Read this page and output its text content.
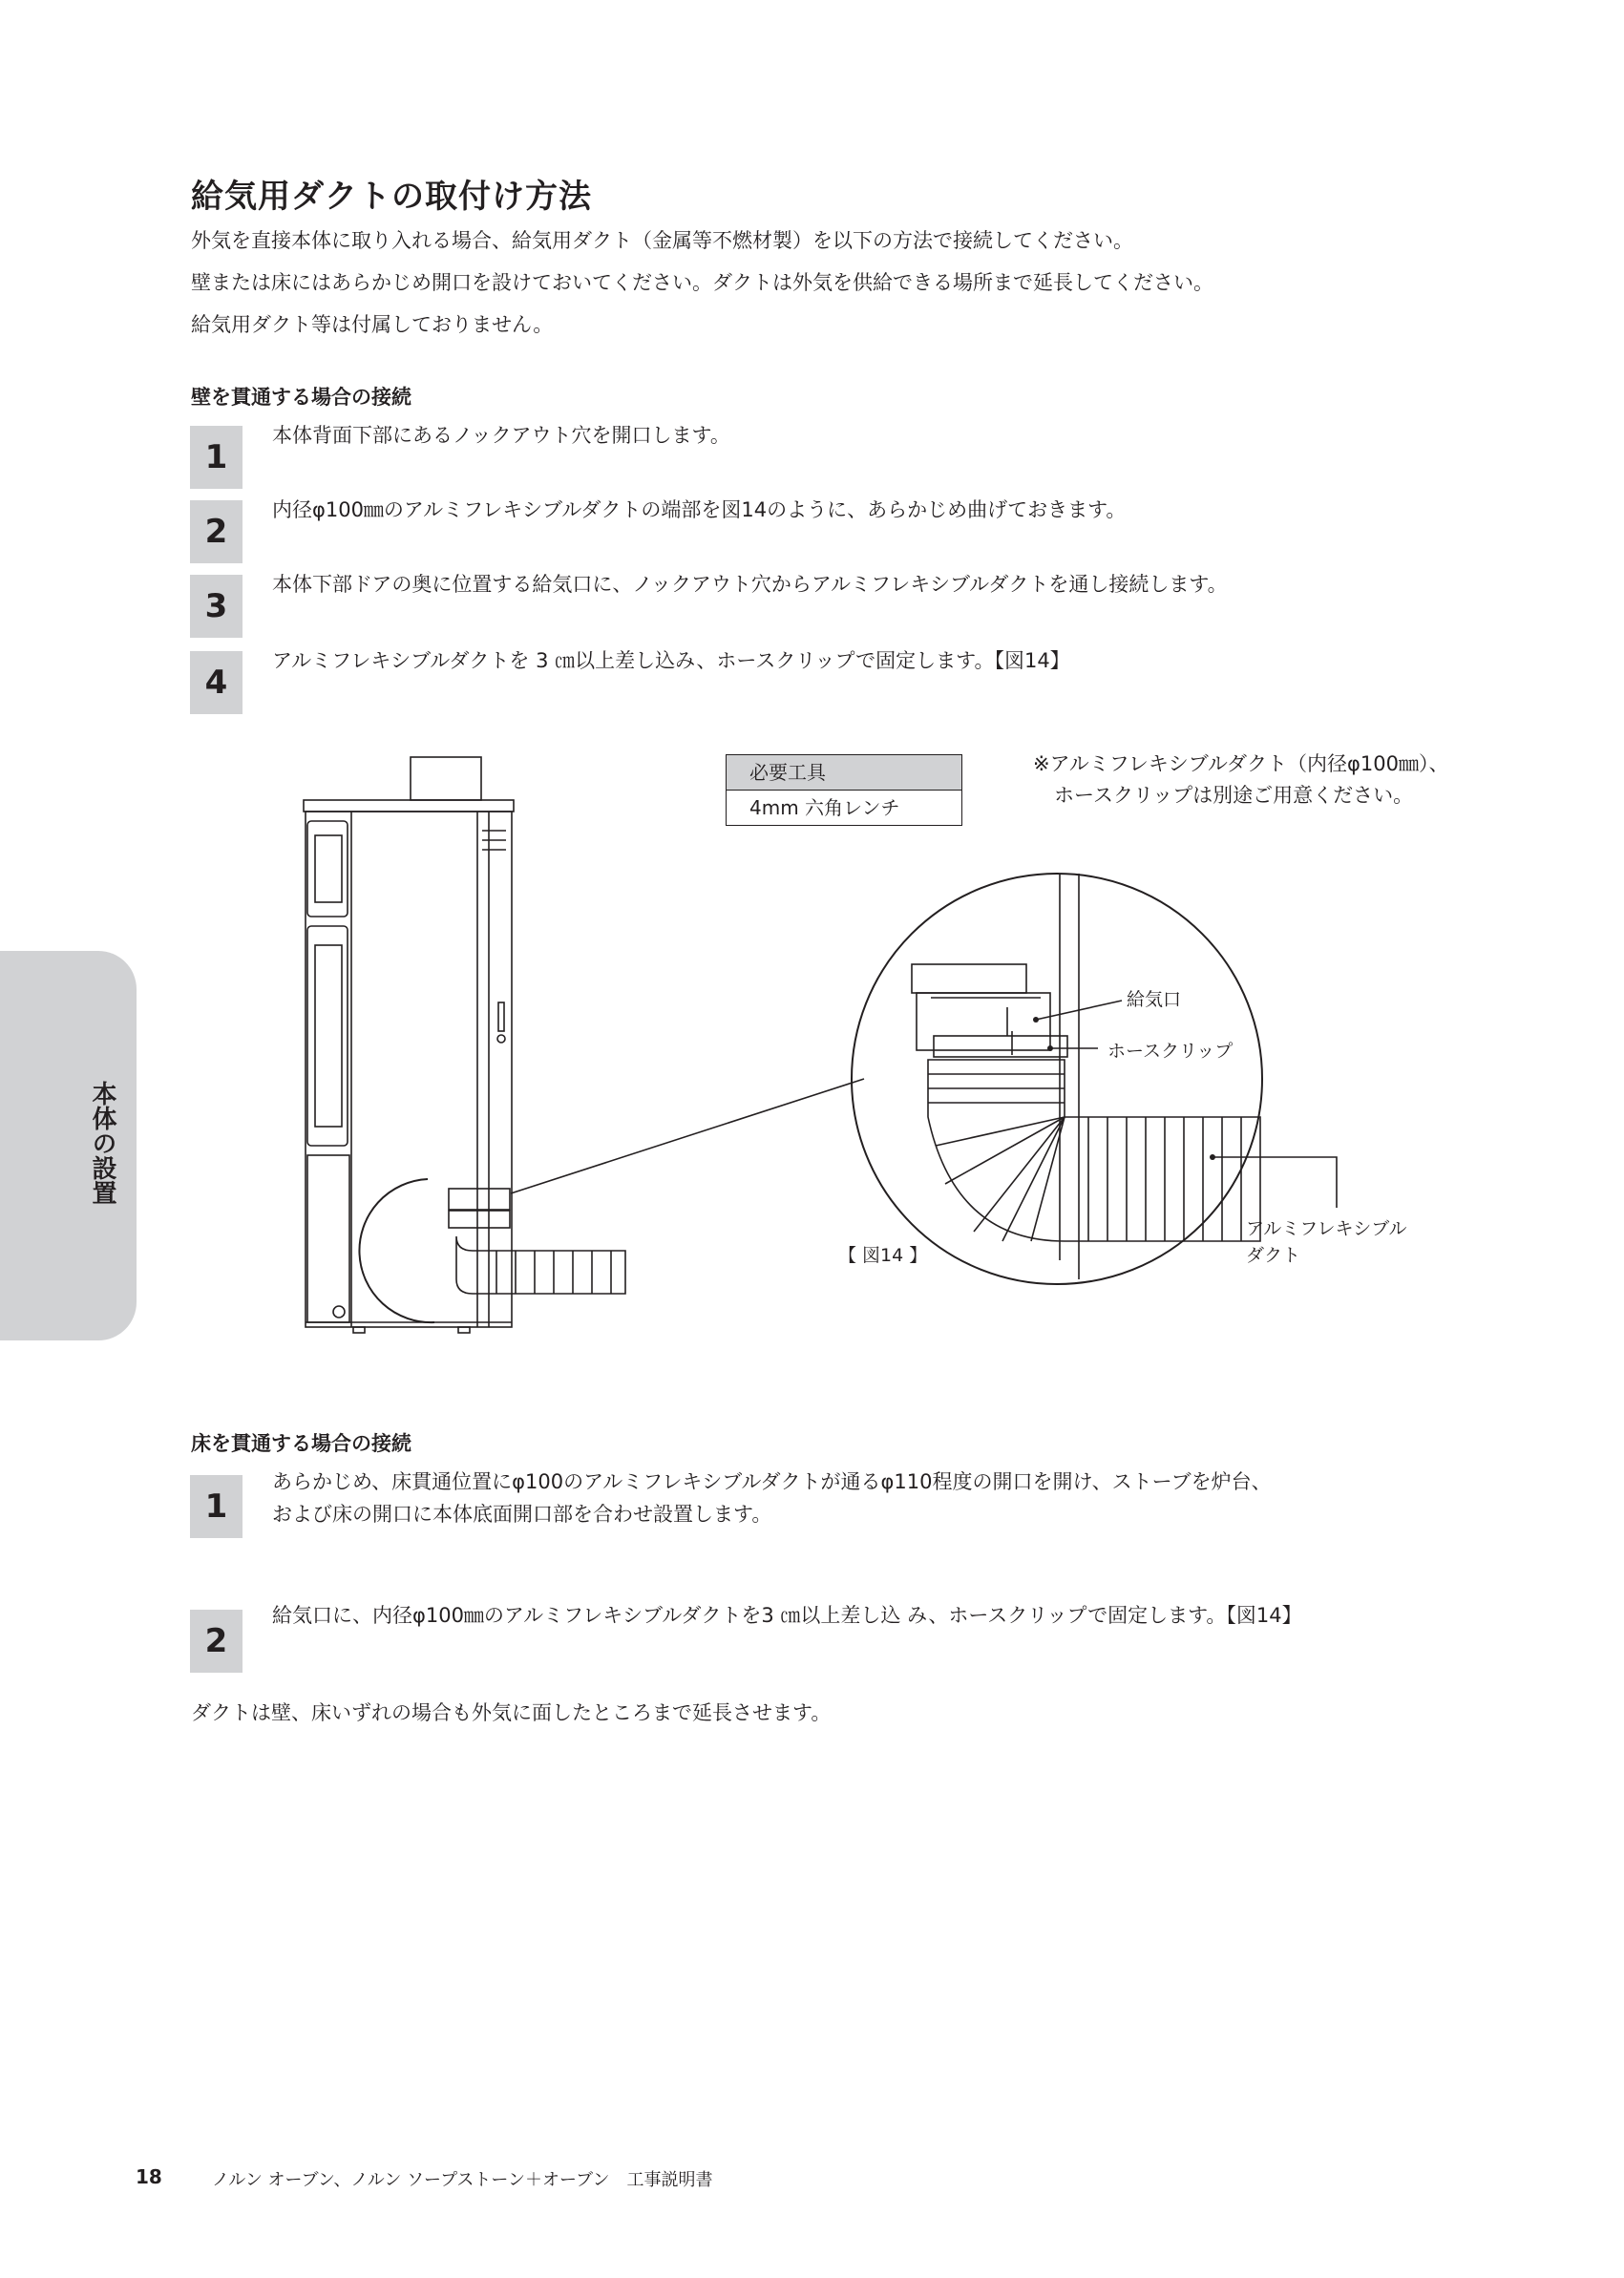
給気用ダクトの取付け方法
外気を直接本体に取り入れる場合、給気用ダクト（金属等不燃材製）を以下の方法で接続してください。
壁または床にはあらかじめ開口を設けておいてください。ダクトは外気を供給できる場所まで延長してください。
給気用ダクト等は付属しておりません。
壁を貫通する場合の接続
1
本体背面下部にあるノックアウト穴を開口します。
2
内径φ100㎜のアルミフレキシブルダクトの端部を図14のように、あらかじめ曲げておきます。
3
本体下部ドアの奥に位置する給気口に、ノックアウト穴からアルミフレキシブルダクトを通し接続します。
4
アルミフレキシブルダクトを 3 ㎝以上差し込み、ホースクリップで固定します。【図14】
必要工具
4mm 六角レンチ
※アルミフレキシブルダクト（内径φ100㎜）、
ホースクリップは別途ご用意ください。
給気口
ホースクリップ
アルミフレキシブル
ダクト
【 図14 】
本体の設置
床を貫通する場合の接続
1
あらかじめ、床貫通位置にφ100のアルミフレキシブルダクトが通るφ110程度の開口を開け、ストーブを炉台、
および床の開口に本体底面開口部を合わせ設置します。
2
給気口に、内径φ100㎜のアルミフレキシブルダクトを3 ㎝以上差し込 み、ホースクリップで固定します。【図14】
ダクトは壁、床いずれの場合も外気に面したところまで延長させます。
18	ノルン オーブン、ノルン ソープストーン＋オーブン　工事説明書
